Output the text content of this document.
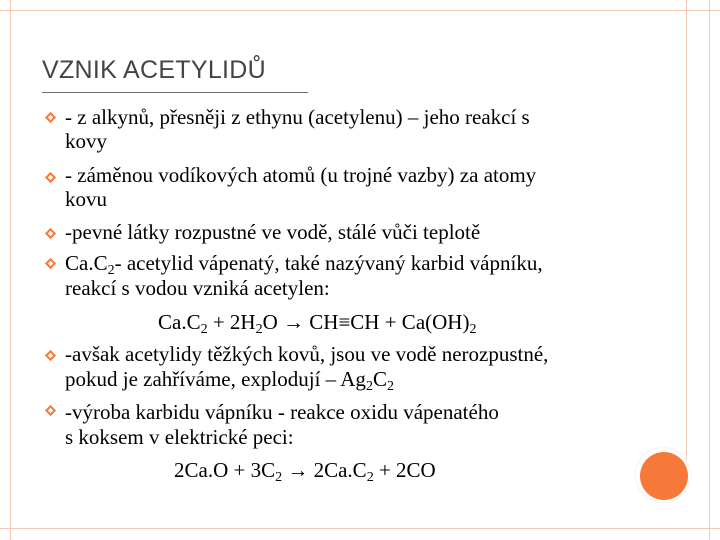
VZNIK ACETYLIDŮ
- z alkynů, přesněji z ethynu (acetylenu) – jeho reakcí s
kovy
- záměnou vodíkových atomů (u trojné vazby) za atomy
kovu
-pevné látky rozpustné ve vodě, stálé vůči teplotě
$Ca.C_2-$ acetylid vápenatý, také nazývaný karbid vápníku,
reakcí s vodou vzniká acetylen:
$Ca.C_2 + 2H_2O \to CH\equiv CH + Ca(OH)_2$
-avšak acetylidy těžkých kovů, jsou ve vodě nerozpustné,
pokud je zahříváme, explodují – $Ag_2C_2$
-výroba karbidu vápníku - reakce oxidu vápenatého
s koksem v elektrické peci:
$2Ca.O + 3C_2 \to 2Ca.C_2 + 2CO$
